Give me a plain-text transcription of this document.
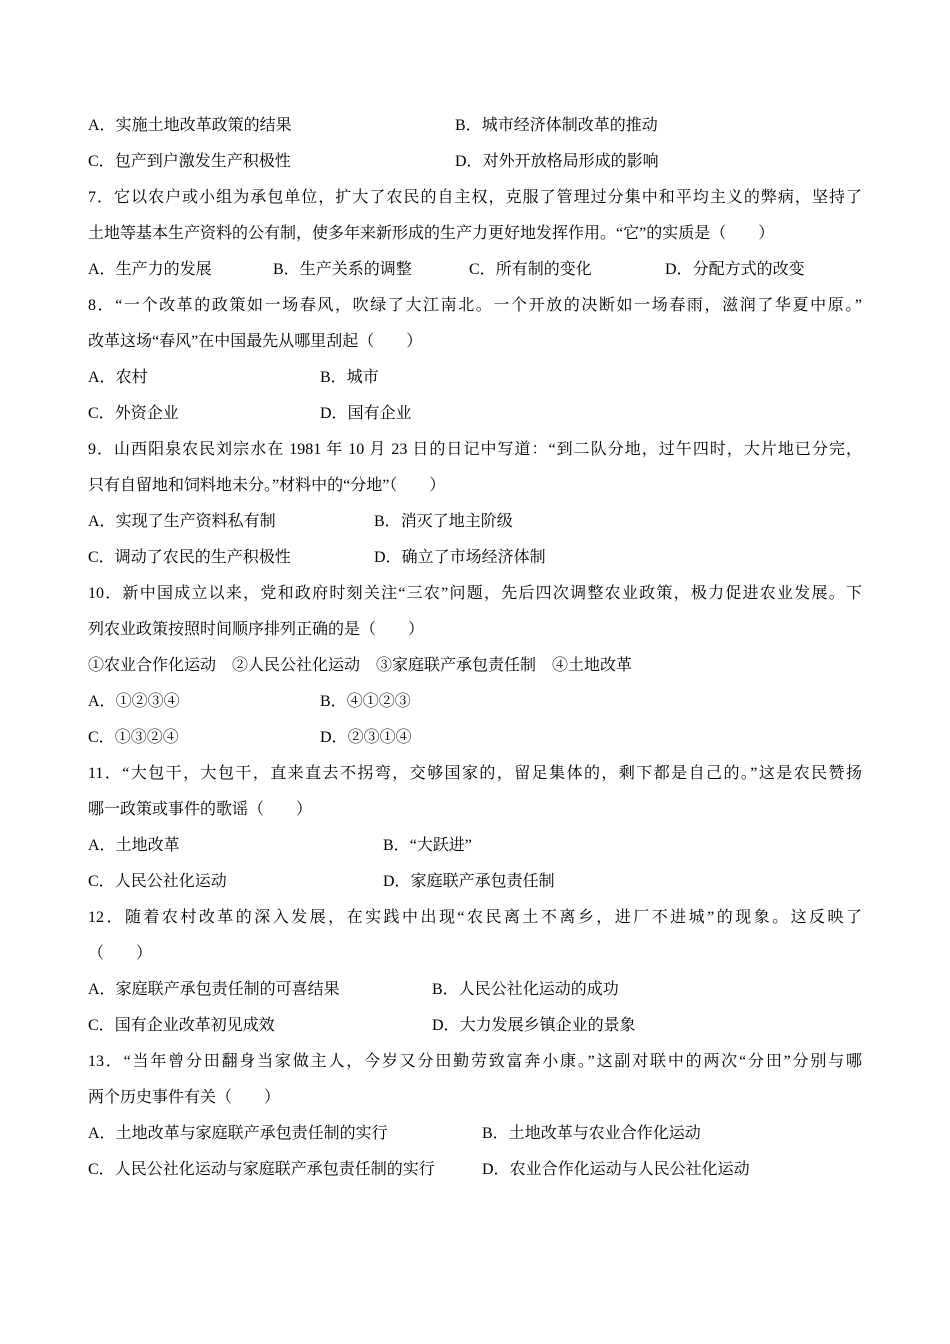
A．实施土地改革政策的结果	B．城市经济体制改革的推动
C．包产到户激发生产积极性	D．对外开放格局形成的影响
7．它以农户或小组为承包单位，扩大了农民的自主权，克服了管理过分集中和平均主义的弊病，坚持了
土地等基本生产资料的公有制，使多年来新形成的生产力更好地发挥作用。“它”的实质是（　　）
A．生产力的发展	B．生产关系的调整	C．所有制的变化	D．分配方式的改变
8．“一个改革的政策如一场春风，吹绿了大江南北。一个开放的决断如一场春雨，滋润了华夏中原。”
改革这场“春风”在中国最先从哪里刮起（　　）
A．农村	B．城市
C．外资企业	D．国有企业
9．山西阳泉农民刘宗水在 1981 年 10 月 23 日的日记中写道：“到二队分地，过午四时，大片地已分完，
只有自留地和饲料地未分。”材料中的“分地”（　　）
A．实现了生产资料私有制	B．消灭了地主阶级
C．调动了农民的生产积极性	D．确立了市场经济体制
10．新中国成立以来，党和政府时刻关注“三农”问题，先后四次调整农业政策，极力促进农业发展。下
列农业政策按照时间顺序排列正确的是（　　）
①农业合作化运动　②人民公社化运动　③家庭联产承包责任制　④土地改革
A．①②③④	B．④①②③
C．①③②④	D．②③①④
11．“大包干，大包干，直来直去不拐弯，交够国家的，留足集体的，剩下都是自己的。”这是农民赞扬
哪一政策或事件的歌谣（　　）
A．土地改革	B．“大跃进”
C．人民公社化运动	D．家庭联产承包责任制
12．随着农村改革的深入发展，在实践中出现“农民离土不离乡，进厂不进城”的现象。这反映了
（　　）
A．家庭联产承包责任制的可喜结果	B．人民公社化运动的成功
C．国有企业改革初见成效	D．大力发展乡镇企业的景象
13．“当年曾分田翻身当家做主人，今岁又分田勤劳致富奔小康。”这副对联中的两次“分田”分别与哪
两个历史事件有关（　　）
A．土地改革与家庭联产承包责任制的实行	B．土地改革与农业合作化运动
C．人民公社化运动与家庭联产承包责任制的实行	D．农业合作化运动与人民公社化运动
